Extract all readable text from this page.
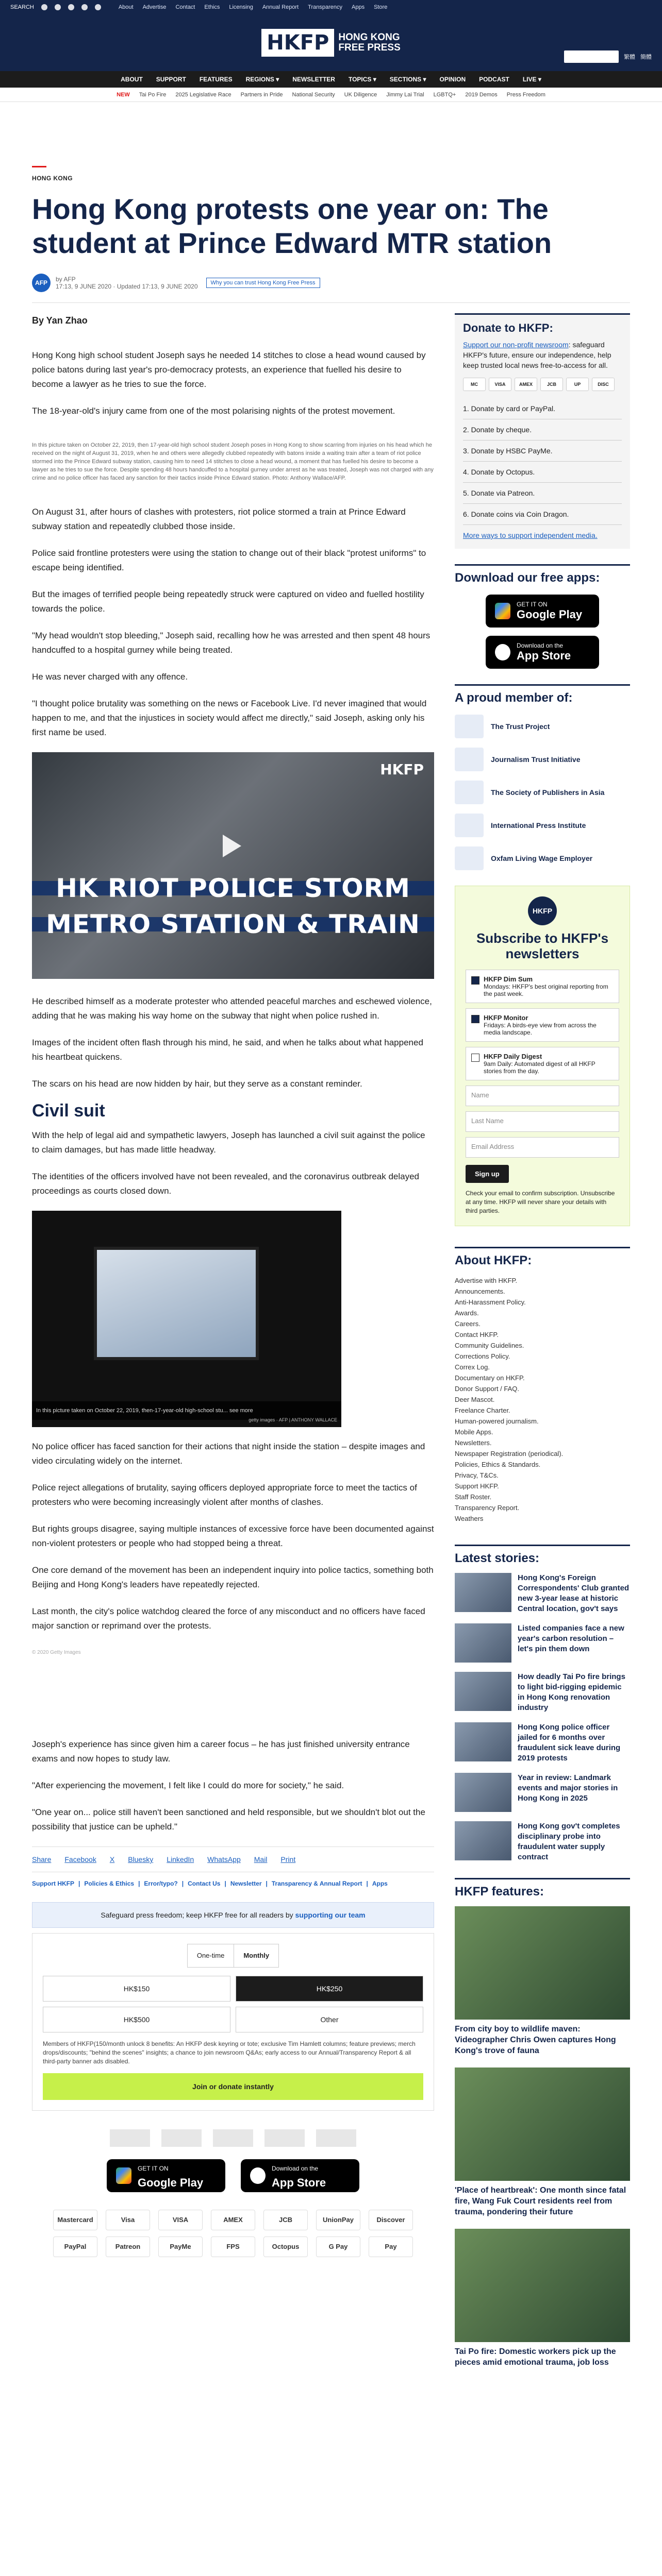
SEARCH	About Advertise Contact Ethics Licensing Annual Report Transparency Apps Store
HKFP HONG KONG
FREE PRESS
SUPPORT HKFP	繁體 簡體
ABOUT SUPPORT FEATURES REGIONS ▾ NEWSLETTER TOPICS ▾ SECTIONS ▾ OPINION PODCAST LIVE ▾
NEW Tai Po Fire 2025 Legislative Race Partners in Pride National Security UK Diligence Jimmy Lai Trial LGBTQ+ 2019 Demos Press Freedom
HONG KONG
Hong Kong protests one year on: The student at Prince Edward MTR station
AFP	by AFP
17:13, 9 JUNE 2020 · Updated 17:13, 9 JUNE 2020	Why you can trust Hong Kong Free Press
By Yan Zhao

Hong Kong high school student Joseph says he needed 14 stitches to close a head wound caused by police batons during last year's pro-democracy protests, an experience that fuelled his desire to become a lawyer as he tries to sue the force.

The 18-year-old's injury came from one of the most polarising nights of the protest movement.

In this picture taken on October 22, 2019, then 17-year-old high school student Joseph poses in Hong Kong to show scarring from injuries on his head which he received on the night of August 31, 2019, when he and others were allegedly clubbed repeatedly with batons inside a waiting train after a team of riot police stormed into the Prince Edward subway station, causing him to need 14 stitches to close a head wound, a moment that has fuelled his desire to become a lawyer as he tries to sue the force. Despite spending 48 hours handcuffed to a hospital gurney under arrest as he was treated, Joseph was not charged with any crime and no police officer has faced any sanction for their tactics inside Prince Edward station. Photo: Anthony Wallace/AFP.

On August 31, after hours of clashes with protesters, riot police stormed a train at Prince Edward subway station and repeatedly clubbed those inside.

Police said frontline protesters were using the station to change out of their black "protest uniforms" to escape being identified.

But the images of terrified people being repeatedly struck were captured on video and fuelled hostility towards the police.

"My head wouldn't stop bleeding," Joseph said, recalling how he was arrested and then spent 48 hours handcuffed to a hospital gurney while being treated.

He was never charged with any offence.

"I thought police brutality was something on the news or Facebook Live. I'd never imagined that would happen to me, and that the injustices in society would affect me directly," said Joseph, asking only his first name be used.

HKFP
HK RIOT POLICE STORM
METRO STATION & TRAIN

He described himself as a moderate protester who attended peaceful marches and eschewed violence, adding that he was making his way home on the subway that night when police rushed in.

Images of the incident often flash through his mind, he said, and when he talks about what happened his heartbeat quickens.

The scars on his head are now hidden by hair, but they serve as a constant reminder.

Civil suit

With the help of legal aid and sympathetic lawyers, Joseph has launched a civil suit against the police to claim damages, but has made little headway.

The identities of the officers involved have not been revealed, and the coronavirus outbreak delayed proceedings as courts closed down.

In this picture taken on October 22, 2019, then-17-year-old high-school stu... see more
getty images · AFP | ANTHONY WALLACE

No police officer has faced sanction for their actions that night inside the station – despite images and video circulating widely on the internet.

Police reject allegations of brutality, saying officers deployed appropriate force to meet the tactics of protesters who were becoming increasingly violent after months of clashes.

But rights groups disagree, saying multiple instances of excessive force have been documented against non-violent protesters or people who had stopped being a threat.

One core demand of the movement has been an independent inquiry into police tactics, something both Beijing and Hong Kong's leaders have repeatedly rejected.

Last month, the city's police watchdog cleared the force of any misconduct and no officers have faced major sanction or reprimand over the protests.

© 2020 Getty Images

Joseph's experience has since given him a career focus – he has just finished university entrance exams and now hopes to study law.

"After experiencing the movement, I felt like I could do more for society," he said.

"One year on... police still haven't been sanctioned and held responsible, but we shouldn't blot out the possibility that justice can be upheld."

Share Facebook X Bluesky LinkedIn WhatsApp Mail Print
Support HKFP | Policies & Ethics | Error/typo? | Contact Us | Newsletter | Transparency & Annual Report | Apps
Safeguard press freedom; keep HKFP free for all readers by supporting our team
One-time	Monthly
HK$150	HK$250
HK$500	Other
Members of HKFP(150/month unlock 8 benefits: An HKFP desk keyring or tote; exclusive Tim Hamlett columns; feature previews; merch drops/discounts; "behind the scenes" insights; a chance to join newsroom Q&As; early access to our Annual/Transparency Report & all third-party banner ads disabled.
Join or donate instantly
GET IT ON
Google Play
Download on the
App Store
Mastercard	Visa	VISA	AMEX	JCB	UnionPay	Discover
PayPal	Patreon	PayMe	FPS	Octopus	G Pay	Pay
Donate to HKFP:
Support our non-profit newsroom: safeguard HKFP's future, ensure our independence, help keep trusted local news free-to-access for all.
MC	VISA	AMEX	JCB	UP	DISC
1. Donate by card or PayPal.
2. Donate by cheque.
3. Donate by HSBC PayMe.
4. Donate by Octopus.
5. Donate via Patreon.
6. Donate coins via Coin Dragon.
More ways to support independent media.
Download our free apps:
GET IT ON
Google Play
Download on the
App Store
A proud member of:
The Trust Project
Journalism Trust Initiative
The Society of Publishers in Asia
International Press Institute
Oxfam Living Wage Employer
HKFP
Subscribe to HKFP's newsletters
HKFP Dim Sum
Mondays: HKFP's best original reporting from the past week.
HKFP Monitor
Fridays: A birds-eye view from across the media landscape.
HKFP Daily Digest
9am Daily: Automated digest of all HKFP stories from the day.
Name
Last Name
Email Address
Sign up
Check your email to confirm subscription. Unsubscribe at any time. HKFP will never share your details with third parties.
About HKFP:
Advertise with HKFP.
Announcements.
Anti-Harassment Policy.
Awards.
Careers.
Contact HKFP.
Community Guidelines.
Corrections Policy.
Correx Log.
Documentary on HKFP.
Donor Support / FAQ.
Deer Mascot.
Freelance Charter.
Human-powered journalism.
Mobile Apps.
Newsletters.
Newspaper Registration (periodical).
Policies, Ethics & Standards.
Privacy, T&Cs.
Support HKFP.
Staff Roster.
Transparency Report.
Weathers
Latest stories:
Hong Kong's Foreign Correspondents' Club granted new 3-year lease at historic Central location, gov't says
Listed companies face a new year's carbon resolution – let's pin them down
How deadly Tai Po fire brings to light bid-rigging epidemic in Hong Kong renovation industry
Hong Kong police officer jailed for 6 months over fraudulent sick leave during 2019 protests
Year in review: Landmark events and major stories in Hong Kong in 2025
Hong Kong gov't completes disciplinary probe into fraudulent water supply contract
HKFP features:
From city boy to wildlife maven: Videographer Chris Owen captures Hong Kong's trove of fauna
'Place of heartbreak': One month since fatal fire, Wang Fuk Court residents reel from trauma, pondering their future
Tai Po fire: Domestic workers pick up the pieces amid emotional trauma, job loss
